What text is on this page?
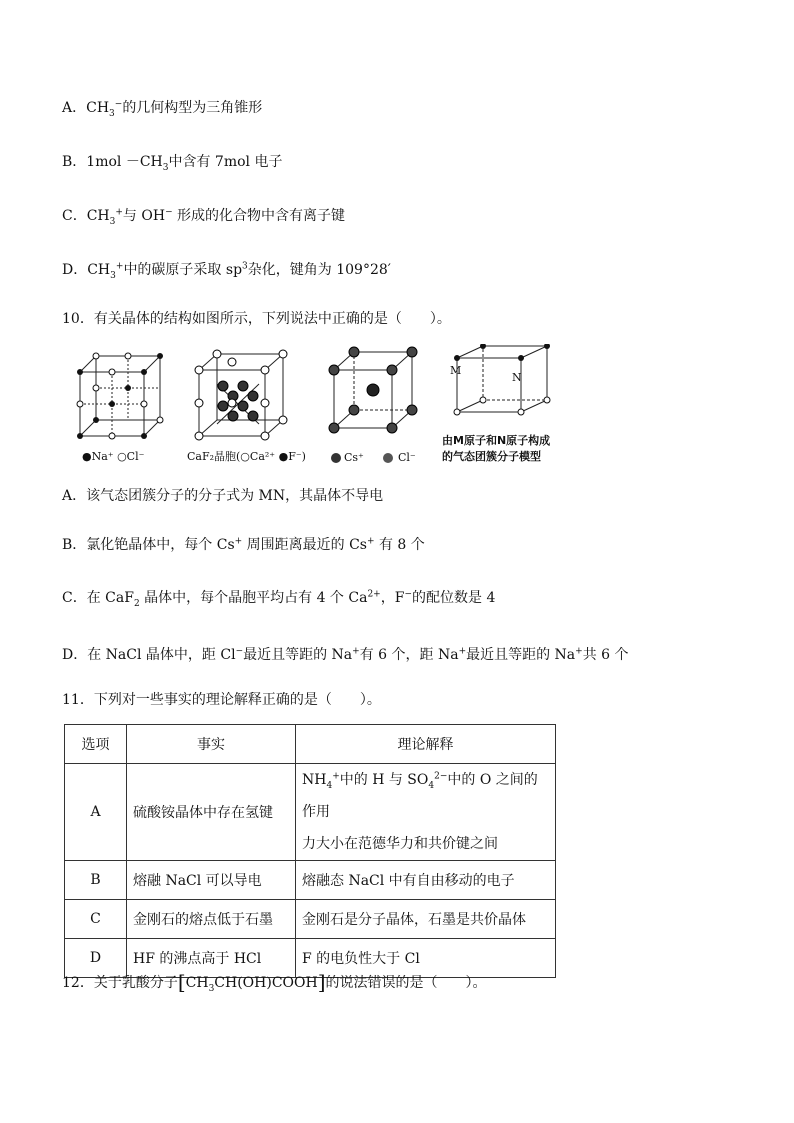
A．$CH_3^-$的几何构型为三角锥形
B．$1mol -CH_3$中含有 7mol 电子
C．$CH_3^+$与 OH− 形成的化合物中含有离子键
D．$CH_3^+$中的碳原子采取 $sp^3$杂化，键角为 109°28′
10．有关晶体的结构如图所示，下列说法中正确的是（　　）。
●Na⁺ ○Cl⁻	CaF₂晶胞(○Ca²⁺ ●F⁻)	Cs⁺	Cl⁻
M
N
由M原子和N原子构成
的气态团簇分子模型
A．该气态团簇分子的分子式为 MN，其晶体不导电
B．氯化铯晶体中，每个 Cs+ 周围距离最近的 Cs+ 有 8 个
C．在 CaF$_2$ 晶体中，每个晶胞平均占有 4 个 $Ca^{2+}$，F−的配位数是 4
D．在 NaCl 晶体中，距 Cl−最近且等距的 Na+有 6 个，距 Na+最近且等距的 Na+共 6 个
11．下列对一些事实的理论解释正确的是（　　）。
选项	事实	理论解释
A	硫酸铵晶体中存在氢键	$NH_4^+$中的 H 与 $SO_4^{2-}$中的 O 之间的作用
力大小在范德华力和共价键之间
B	熔融 NaCl 可以导电	熔融态 NaCl 中有自由移动的电子
C	金刚石的熔点低于石墨	金刚石是分子晶体，石墨是共价晶体
D	HF 的沸点高于 HCl	F 的电负性大于 Cl
12．关于乳酸分子$[CH_3CH(OH)COOH]$的说法错误的是（　　）。
